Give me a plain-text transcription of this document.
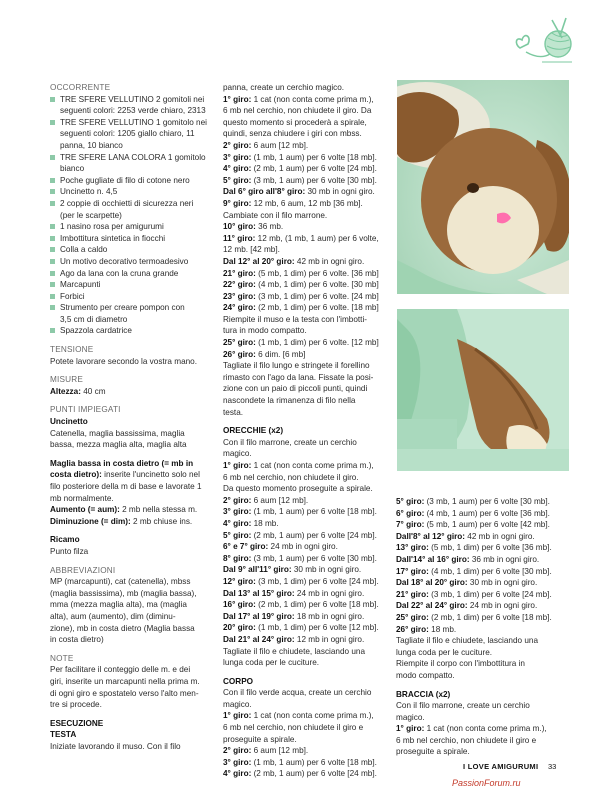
OCCORRENTE
TRE SFERE VELLUTINO 2 gomitoli nei
seguenti colori: 2253 verde chiaro, 2313
TRE SFERE VELLUTINO 1 gomitolo nei
seguenti colori: 1205 giallo chiaro, 11
panna, 10 bianco
TRE SFERE LANA COLORA 1 gomitolo
bianco
Poche gugliate di filo di cotone nero
Uncinetto n. 4,5
2 coppie di occhietti di sicurezza neri
(per le scarpette)
1 nasino rosa per amigurumi
Imbottitura sintetica in fiocchi
Colla a caldo
Un motivo decorativo termoadesivo
Ago da lana con la cruna grande
Marcapunti
Forbici
Strumento per creare pompon con
3,5 cm di diametro
Spazzola cardatrice
TENSIONE
Potete lavorare secondo la vostra mano.
MISURE
Altezza: 40 cm
PUNTI IMPIEGATI
Uncinetto
Catenella, maglia bassissima, maglia
bassa, mezza maglia alta, maglia alta
Maglia bassa in costa dietro (= mb in
costa dietro): inserite l'uncinetto solo nel
filo posteriore della m di base e lavorate 1
mb normalmente.
Aumento (= aum): 2 mb nella stessa m.
Diminuzione (= dim): 2 mb chiuse ins.
Ricamo
Punto filza
ABBREVIAZIONI
MP (marcapunti), cat (catenella), mbss
(maglia bassissima), mb (maglia bassa),
mma (mezza maglia alta), ma (maglia
alta), aum (aumento), dim (diminu-
zione), mb in costa dietro (Maglia bassa
in costa dietro)
NOTE
Per facilitare il conteggio delle m. e dei
giri, inserite un marcapunti nella prima m.
di ogni giro e spostatelo verso l'alto men-
tre si procede.
ESECUZIONE
TESTA
Iniziate lavorando il muso. Con il filo
panna, create un cerchio magico.
1° giro: 1 cat (non conta come prima m.),
6 mb nel cerchio, non chiudete il giro. Da
questo momento si procederà a spirale,
quindi, senza chiudere i giri con mbss.
2° giro: 6 aum [12 mb].
3° giro: (1 mb, 1 aum) per 6 volte [18 mb].
4° giro: (2 mb, 1 aum) per 6 volte [24 mb].
5° giro: (3 mb, 1 aum) per 6 volte [30 mb].
Dal 6° giro all'8° giro: 30 mb in ogni giro.
9° giro: 12 mb, 6 aum, 12 mb [36 mb].
Cambiate con il filo marrone.
10° giro: 36 mb.
11° giro: 12 mb, (1 mb, 1 aum) per 6 volte,
12 mb. [42 mb].
Dal 12° al 20° giro: 42 mb in ogni giro.
21° giro: (5 mb, 1 dim) per 6 volte. [36 mb]
22° giro: (4 mb, 1 dim) per 6 volte. [30 mb]
23° giro: (3 mb, 1 dim) per 6 volte. [24 mb]
24° giro: (2 mb, 1 dim) per 6 volte. [18 mb]
Riempite il muso e la testa con l'imbotti-
tura in modo compatto.
25° giro: (1 mb, 1 dim) per 6 volte. [12 mb]
26° giro: 6 dim. [6 mb]
Tagliate il filo lungo e stringete il forellino
rimasto con l'ago da lana. Fissate la posi-
zione con un paio di piccoli punti, quindi
nascondete la rimanenza di filo nella
testa.
ORECCHIE (x2)
Con il filo marrone, create un cerchio
magico.
1° giro: 1 cat (non conta come prima m.),
6 mb nel cerchio, non chiudete il giro.
Da questo momento proseguite a spirale.
2° giro: 6 aum [12 mb].
3° giro: (1 mb, 1 aum) per 6 volte [18 mb].
4° giro: 18 mb.
5° giro: (2 mb, 1 aum) per 6 volte [24 mb].
6° e 7° giro: 24 mb in ogni giro.
8° giro: (3 mb, 1 aum) per 6 volte [30 mb].
Dal 9° all'11° giro: 30 mb in ogni giro.
12° giro: (3 mb, 1 dim) per 6 volte [24 mb].
Dal 13° al 15° giro: 24 mb in ogni giro.
16° giro: (2 mb, 1 dim) per 6 volte [18 mb].
Dal 17° al 19° giro: 18 mb in ogni giro.
20° giro: (1 mb, 1 dim) per 6 volte [12 mb].
Dal 21° al 24° giro: 12 mb in ogni giro.
Tagliate il filo e chiudete, lasciando una
lunga coda per le cuciture.
CORPO
Con il filo verde acqua, create un cerchio
magico.
1° giro: 1 cat (non conta come prima m.),
6 mb nel cerchio, non chiudete il giro e
proseguite a spirale.
2° giro: 6 aum [12 mb].
3° giro: (1 mb, 1 aum) per 6 volte [18 mb].
4° giro: (2 mb, 1 aum) per 6 volte [24 mb].
5° giro: (3 mb, 1 aum) per 6 volte [30 mb].
6° giro: (4 mb, 1 aum) per 6 volte [36 mb].
7° giro: (5 mb, 1 aum) per 6 volte [42 mb].
Dall'8° al 12° giro: 42 mb in ogni giro.
13° giro: (5 mb, 1 dim) per 6 volte [36 mb].
Dall'14° al 16° giro: 36 mb in ogni giro.
17° giro: (4 mb, 1 dim) per 6 volte [30 mb].
Dal 18° al 20° giro: 30 mb in ogni giro.
21° giro: (3 mb, 1 dim) per 6 volte [24 mb].
Dal 22° al 24° giro: 24 mb in ogni giro.
25° giro: (2 mb, 1 dim) per 6 volte [18 mb].
26° giro: 18 mb.
Tagliate il filo e chiudete, lasciando una
lunga coda per le cuciture.
Riempite il corpo con l'imbottitura in
modo compatto.
BRACCIA (x2)
Con il filo marrone, create un cerchio
magico.
1° giro: 1 cat (non conta come prima m.),
6 mb nel cerchio, non chiudete il giro e
proseguite a spirale.
I LOVE AMIGURUMI 33
PassionForum.ru
